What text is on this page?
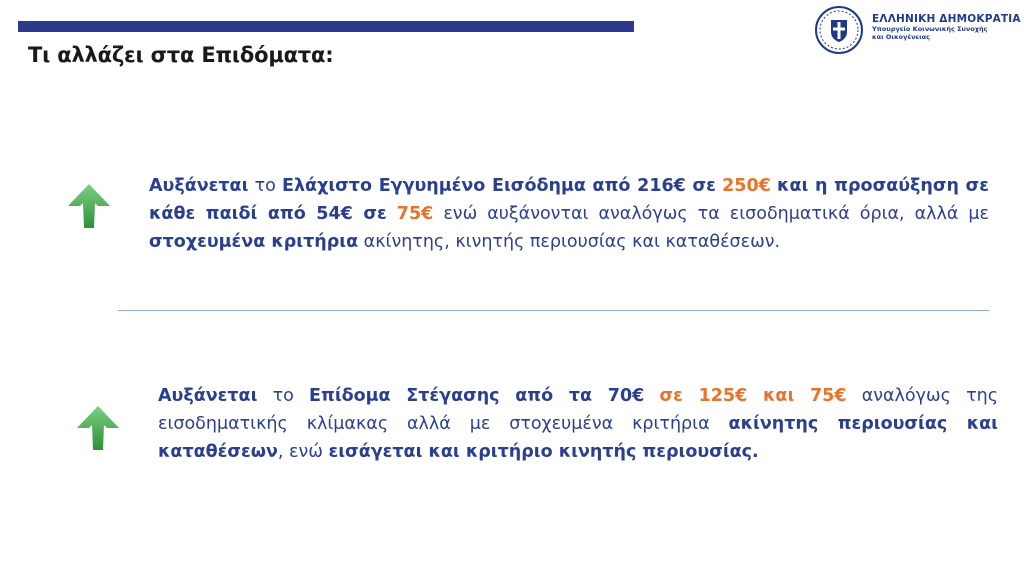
Τι αλλάζει στα Επιδόματα:
ΕΛΛΗΝΙΚΗ ΔΗΜΟΚΡΑΤΙΑ
Υπουργείο Κοινωνικής Συνοχής
και Οικογένειας
Αυξάνεται το Ελάχιστο Εγγυημένο Εισόδημα από 216€ σε 250€ και η προσαύξηση σε κάθε παιδί από 54€ σε 75€ ενώ αυξάνονται αναλόγως τα εισοδηματικά όρια, αλλά με στοχευμένα κριτήρια ακίνητης, κινητής περιουσίας και καταθέσεων.
Αυξάνεται το Επίδομα Στέγασης από τα 70€ σε 125€ και 75€ αναλόγως της εισοδηματικής κλίμακας αλλά με στοχευμένα κριτήρια ακίνητης περιουσίας και καταθέσεων, ενώ εισάγεται και κριτήριο κινητής περιουσίας.
